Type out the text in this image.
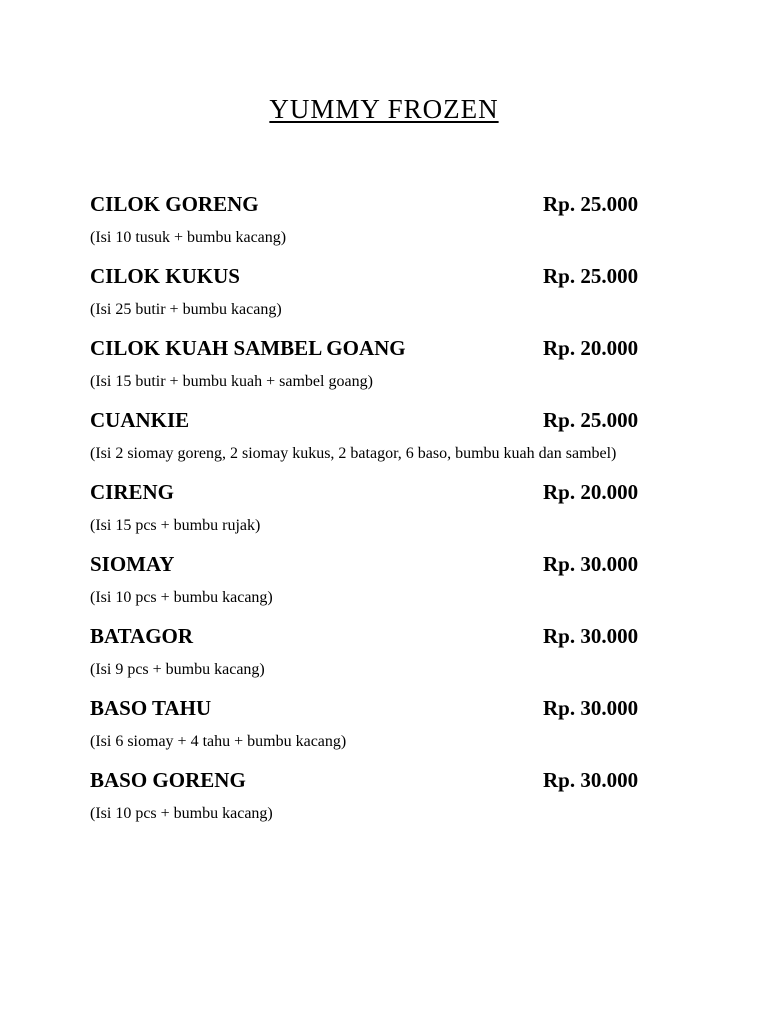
YUMMY FROZEN
CILOK GORENG	Rp. 25.000
(Isi 10 tusuk + bumbu kacang)
CILOK KUKUS	Rp. 25.000
(Isi 25 butir + bumbu kacang)
CILOK KUAH SAMBEL GOANG	Rp. 20.000
(Isi 15 butir + bumbu kuah + sambel goang)
CUANKIE	Rp. 25.000
(Isi 2 siomay goreng, 2 siomay kukus, 2 batagor, 6 baso, bumbu kuah dan sambel)
CIRENG	Rp. 20.000
(Isi 15 pcs + bumbu rujak)
SIOMAY	Rp. 30.000
(Isi 10 pcs + bumbu kacang)
BATAGOR	Rp. 30.000
(Isi 9 pcs + bumbu kacang)
BASO TAHU	Rp. 30.000
(Isi 6 siomay + 4 tahu + bumbu kacang)
BASO GORENG	Rp. 30.000
(Isi 10 pcs + bumbu kacang)
